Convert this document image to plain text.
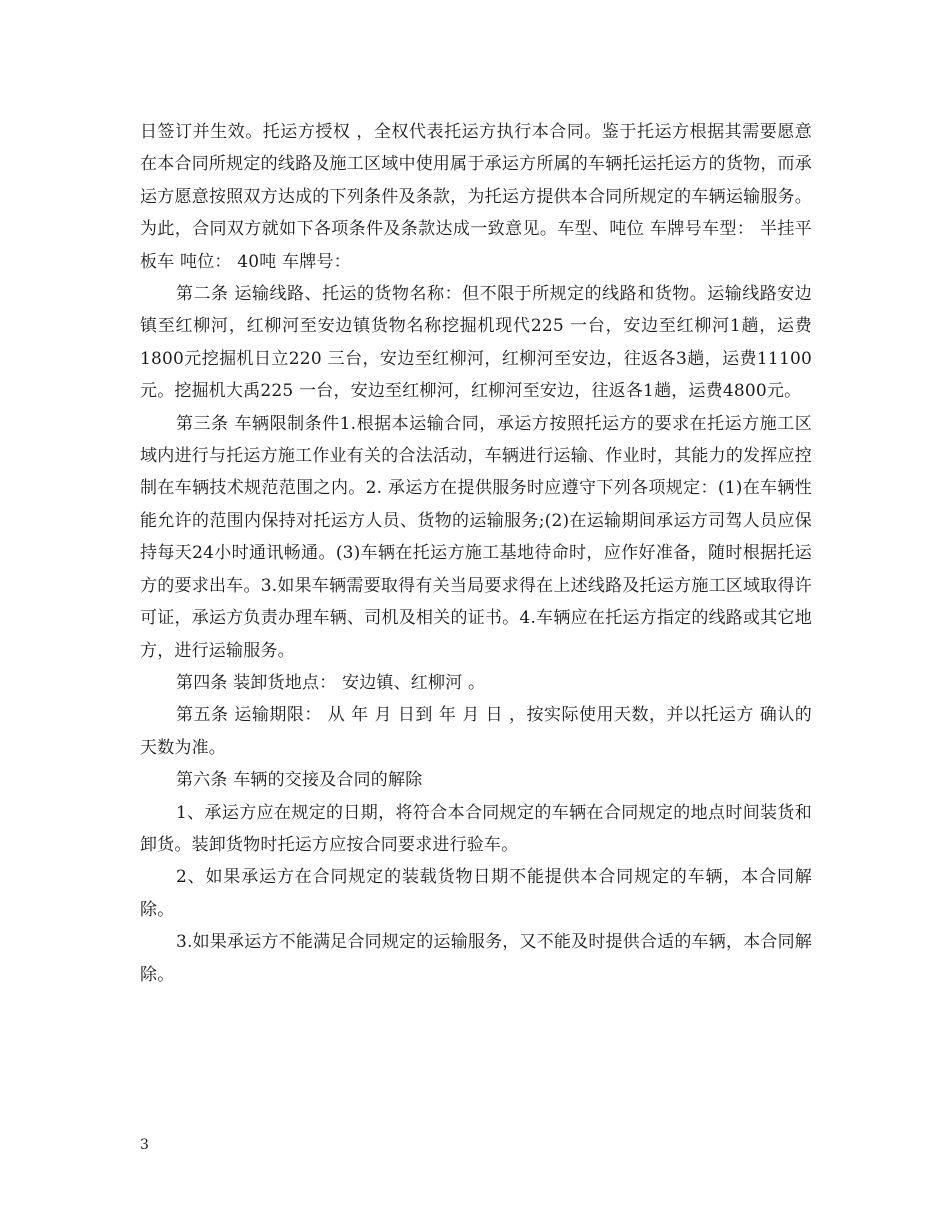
日签订并生效。托运方授权 ，全权代表托运方执行本合同。鉴于托运方根据其需要愿意在本合同所规定的线路及施工区域中使用属于承运方所属的车辆托运托运方的货物，而承运方愿意按照双方达成的下列条件及条款，为托运方提供本合同所规定的车辆运输服务。为此，合同双方就如下各项条件及条款达成一致意见。车型、吨位 车牌号车型： 半挂平板车 吨位： 40吨 车牌号：

第二条 运输线路、托运的货物名称：但不限于所规定的线路和货物。运输线路安边镇至红柳河，红柳河至安边镇货物名称挖掘机现代225 一台，安边至红柳河1趟，运费1800元挖掘机日立220 三台，安边至红柳河，红柳河至安边，往返各3趟，运费11100元。挖掘机大禹225 一台，安边至红柳河，红柳河至安边，往返各1趟，运费4800元。

第三条 车辆限制条件1.根据本运输合同，承运方按照托运方的要求在托运方施工区域内进行与托运方施工作业有关的合法活动，车辆进行运输、作业时，其能力的发挥应控制在车辆技术规范范围之内。2. 承运方在提供服务时应遵守下列各项规定：(1)在车辆性能允许的范围内保持对托运方人员、货物的运输服务;(2)在运输期间承运方司驾人员应保持每天24小时通讯畅通。(3)车辆在托运方施工基地待命时，应作好准备，随时根据托运方的要求出车。3.如果车辆需要取得有关当局要求得在上述线路及托运方施工区域取得许可证，承运方负责办理车辆、司机及相关的证书。4.车辆应在托运方指定的线路或其它地方，进行运输服务。

第四条 装卸货地点： 安边镇、红柳河 。

第五条 运输期限： 从 年 月 日到 年 月 日 ，按实际使用天数，并以托运方 确认的天数为准。

第六条 车辆的交接及合同的解除

1、承运方应在规定的日期，将符合本合同规定的车辆在合同规定的地点时间装货和卸货。装卸货物时托运方应按合同要求进行验车。

2、如果承运方在合同规定的装载货物日期不能提供本合同规定的车辆，本合同解除。

3.如果承运方不能满足合同规定的运输服务，又不能及时提供合适的车辆，本合同解除。

3
